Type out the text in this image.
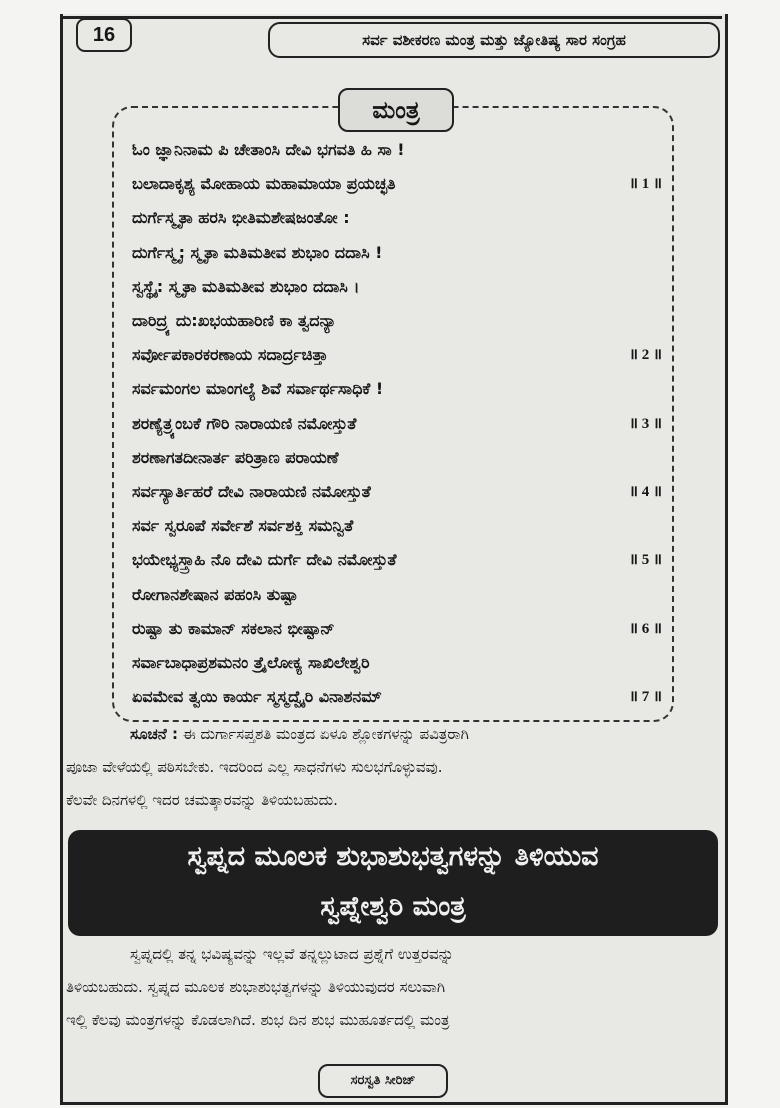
16	ಸರ್ವ ವಶೀಕರಣ ಮಂತ್ರ ಮತ್ತು ಜ್ಯೋತಿಷ್ಯ ಸಾರ ಸಂಗ್ರಹ
ಮಂತ್ರ
ಓಂ ಜ್ಞಾನಿನಾಮ ಪಿ ಚೇತಾಂಸಿ ದೇವಿ ಭಗವತಿ ಹಿ ಸಾ !
ಬಲಾದಾಕೃಶ್ಯ ಮೋಹಾಯ ಮಹಾಮಾಯಾ ಪ್ರಯಚ್ಛತಿ	॥ 1 ॥
ದುರ್ಗೆಸ್ಮೃತಾ ಹರಸಿ ಭೀತಿಮಶೇಷಜಂತೋ :
ದುರ್ಗೆಸ್ಮೃ: ಸ್ಮೃತಾ ಮತಿಮತೀವ ಶುಭಾಂ ದದಾಸಿ !
ಸ್ವಸ್ಥೈ: ಸ್ಮೃತಾ ಮತಿಮತೀವ ಶುಭಾಂ ದದಾಸಿ ।
ದಾರಿದ್ರ್ಯ ದು:ಖಭಯಹಾರಿಣಿ ಕಾ ತ್ವದನ್ಯಾ
ಸರ್ವೋಪಕಾರಕರಣಾಯ ಸದಾರ್ದ್ರಚಿತ್ತಾ	॥ 2 ॥
ಸರ್ವಮಂಗಲ ಮಾಂಗಲ್ಯೆ ಶಿವೆ ಸರ್ವಾರ್ಥಸಾಧಿಕೆ !
ಶರಣ್ಯೆತ್ರ್ಯಂಬಕೆ ಗೌರಿ ನಾರಾಯಣಿ ನಮೋಸ್ತುತೆ	॥ 3 ॥
ಶರಣಾಗತದೀನಾರ್ತ ಪರಿತ್ರಾಣ ಪರಾಯಣೆ
ಸರ್ವಸ್ಯಾರ್ತಿಹರೆ ದೇವಿ ನಾರಾಯಣಿ ನಮೋಸ್ತುತೆ	॥ 4 ॥
ಸರ್ವ ಸ್ವರೂಪೆ ಸರ್ವೇಶೆ ಸರ್ವಶಕ್ತಿ ಸಮನ್ವಿತೆ
ಭಯೇಭ್ಯಸ್ತ್ರಾಹಿ ನೊ ದೇವಿ ದುರ್ಗೆ ದೇವಿ ನಮೋಸ್ತುತೆ	॥ 5 ॥
ರೋಗಾನಶೇಷಾನ ಪಹಂಸಿ ತುಷ್ಟಾ
ರುಷ್ಟಾ ತು ಕಾಮಾನ್ ಸಕಲಾನ ಭೀಷ್ಟಾನ್	॥ 6 ॥
ಸರ್ವಾಬಾಧಾಪ್ರಶಮನಂ ತ್ರೈಲೋಕ್ಯ ಸಾಖಿಲೇಶ್ವರಿ
ಏವಮೇವ ತ್ವಯಿ ಕಾರ್ಯ ಸ್ಮಸ್ಮದ್ವೈರಿ ವಿನಾಶನಮ್	॥ 7 ॥
ಸೂಚನೆ : ಈ ದುರ್ಗಾಸಪ್ತಶತಿ ಮಂತ್ರದ ಏಳೂ ಶ್ಲೋಕಗಳನ್ನು ಪವಿತ್ರರಾಗಿ
ಪೂಜಾ ವೇಳೆಯಲ್ಲಿ ಪಠಿಸಬೇಕು. ಇದರಿಂದ ಎಲ್ಲ ಸಾಧನೆಗಳು ಸುಲಭಗೊಳ್ಳುವವು.
ಕೆಲವೇ ದಿನಗಳಲ್ಲಿ ಇದರ ಚಮತ್ಕಾರವನ್ನು ತಿಳಿಯಬಹುದು.
ಸ್ವಪ್ನದ ಮೂಲಕ ಶುಭಾಶುಭತ್ವಗಳನ್ನು ತಿಳಿಯುವ
ಸ್ವಪ್ನೇಶ್ವರಿ ಮಂತ್ರ
ಸ್ವಪ್ನದಲ್ಲಿ ತನ್ನ ಭವಿಷ್ಯವನ್ನು ಇಲ್ಲವೆ ತನ್ನಲ್ಲುಟಾದ ಪ್ರಶ್ನೆಗೆ ಉತ್ತರವನ್ನು
ತಿಳಿಯಬಹುದು. ಸ್ವಪ್ನದ ಮೂಲಕ ಶುಭಾಶುಭತ್ವಗಳನ್ನು ತಿಳಿಯುವುದರ ಸಲುವಾಗಿ
ಇಲ್ಲಿ ಕೆಲವು ಮಂತ್ರಗಳನ್ನು ಕೊಡಲಾಗಿದೆ. ಶುಭ ದಿನ ಶುಭ ಮುಹೂರ್ತದಲ್ಲಿ ಮಂತ್ರ
ಸರಸ್ವತಿ ಸೀರಿಜ್
